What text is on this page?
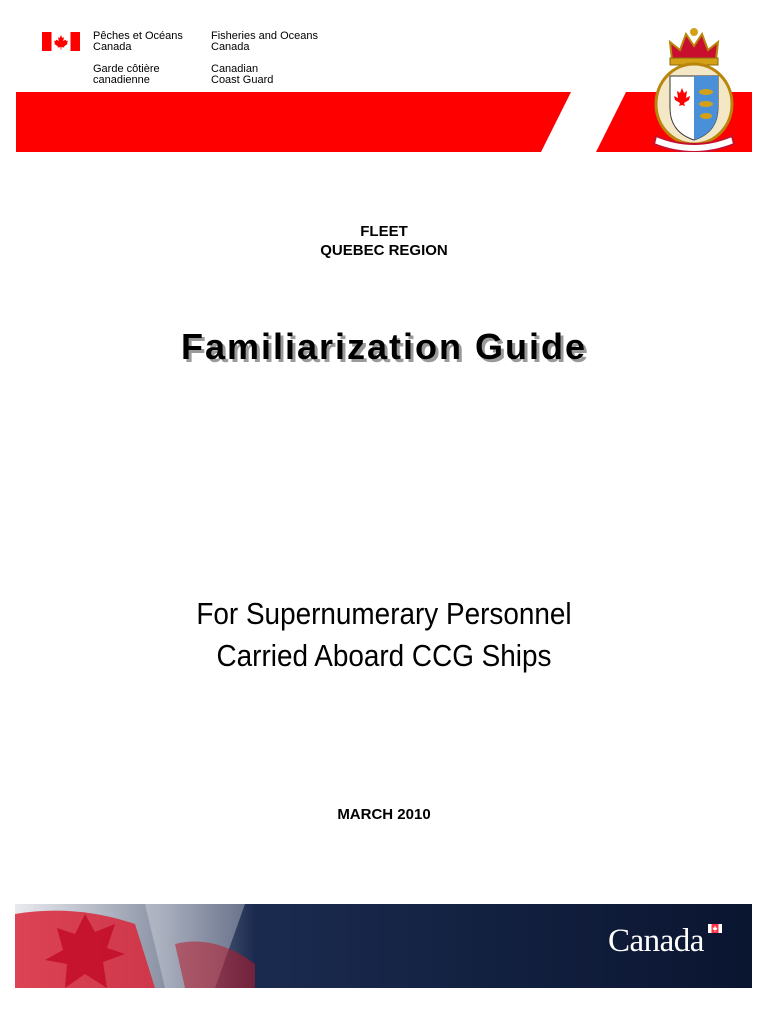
Pêches et Océans
Canada
Garde côtière
canadienne
Fisheries and Oceans
Canada
Canadian
Coast Guard
FLEET
QUEBEC REGION
Familiarization Guide
For Supernumerary Personnel
Carried Aboard CCG Ships
MARCH 2010
Canada
